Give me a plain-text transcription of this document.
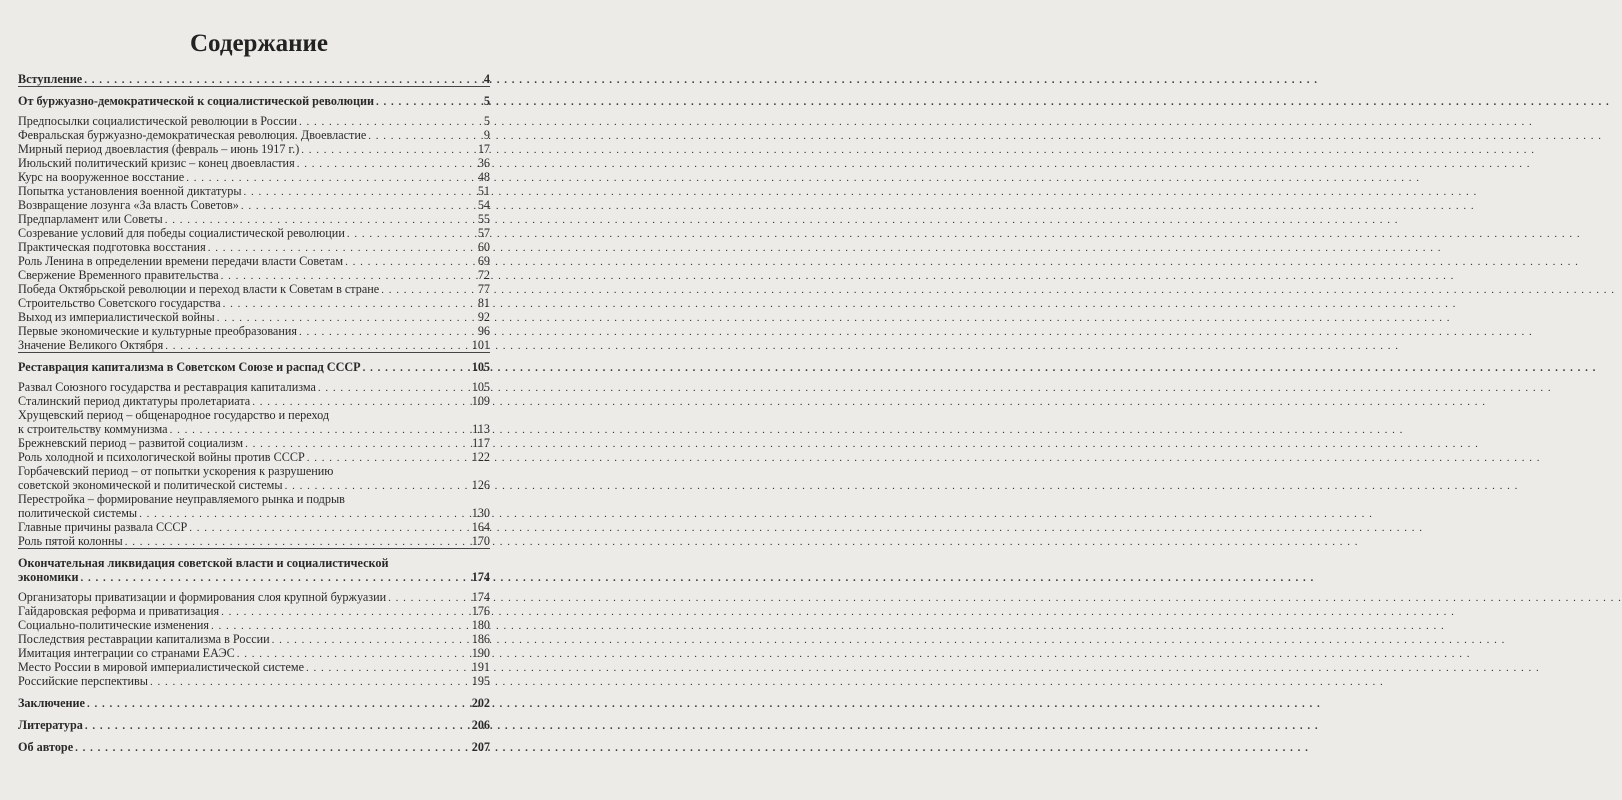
Содержание
Вступление . . .	4
От буржуазно-демократической к социалистической революции . . .	5
Предпосылки социалистической революции в России . . .	5
Февральская буржуазно-демократическая революция. Двоевластие . . .	9
Мирный период двоевластия (февраль – июнь 1917 г.) . . .	17
Июльский политический кризис – конец двоевластия . . .	36
Курс на вооруженное восстание . . .	48
Попытка установления военной диктатуры . . .	51
Возвращение лозунга «За власть Советов» . . .	54
Предпарламент или Советы . . .	55
Созревание условий для победы социалистической революции . . .	57
Практическая подготовка восстания . . .	60
Роль Ленина в определении времени передачи власти Советам . . .	69
Свержение Временного правительства . . .	72
Победа Октябрьской революции и переход власти к Советам в стране . . .	77
Строительство Советского государства . . .	81
Выход из империалистической войны . . .	92
Первые экономические и культурные преобразования . . .	96
Значение Великого Октября . . .	101
Реставрация капитализма в Советском Союзе и распад СССР . . .	105
Развал Союзного государства и реставрация капитализма . . .	105
Сталинский период диктатуры пролетариата . . .	109
Хрущевский период – общенародное государство и переход
к строительству коммунизма . . .	113
Брежневский период – развитой социализм . . .	117
Роль холодной и психологической войны против СССР . . .	122
Горбачевский период – от попытки ускорения к разрушению
советской экономической и политической системы . . .	126
Перестройка – формирование неуправляемого рынка и подрыв
политической системы . . .	130
Главные причины развала СССР . . .	164
Роль пятой колонны . . .	170
Окончательная ликвидация советской власти и социалистической
экономики . . .	174
Организаторы приватизации и формирования слоя крупной буржуазии . . .	174
Гайдаровская реформа и приватизация . . .	176
Социально-политические изменения . . .	180
Последствия реставрации капитализма в России . . .	186
Имитация интеграции со странами ЕАЭС . . .	190
Место России в мировой империалистической системе . . .	191
Российские перспективы . . .	195
Заключение . . .	202
Литература . . .	206
Об авторе . . .	207
